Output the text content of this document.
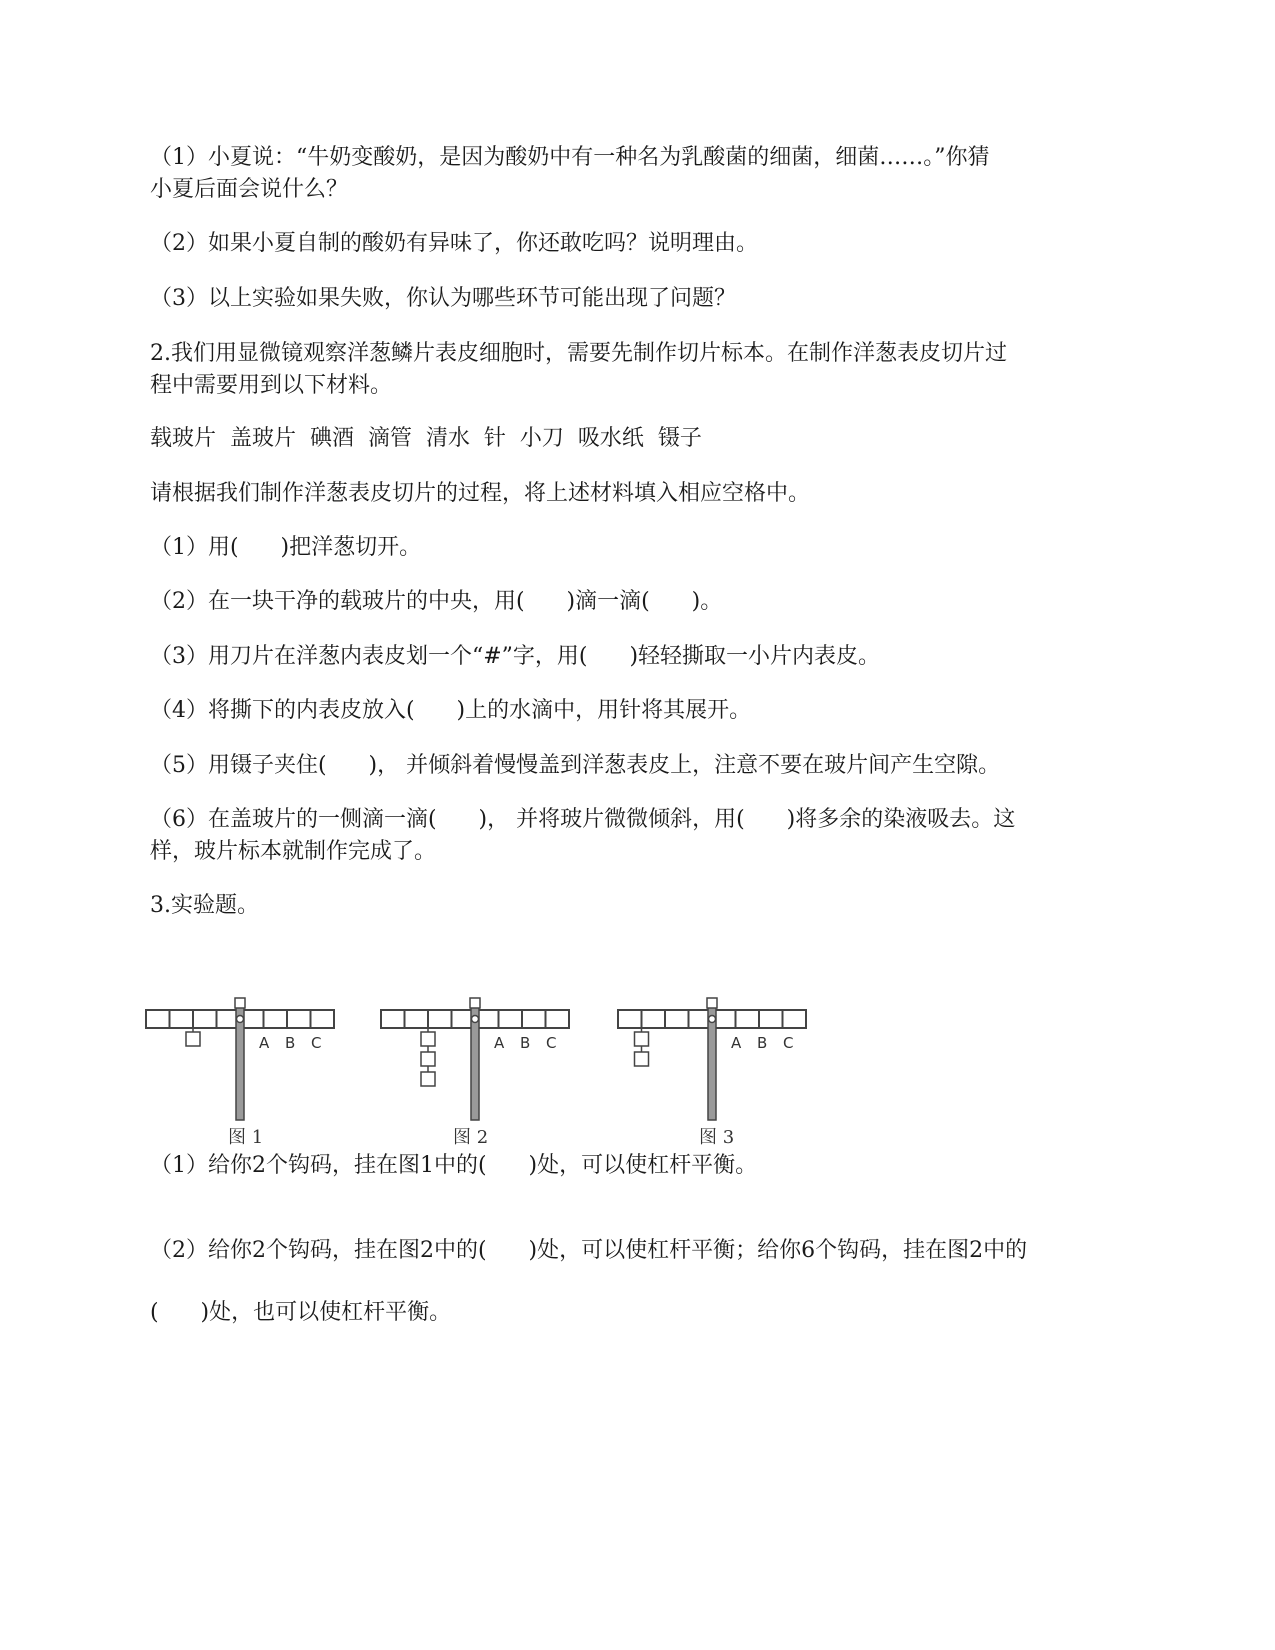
（1）小夏说：“牛奶变酸奶，是因为酸奶中有一种名为乳酸菌的细菌，细菌……。”你猜

小夏后面会说什么？

（2）如果小夏自制的酸奶有异味了，你还敢吃吗？说明理由。

（3）以上实验如果失败，你认为哪些环节可能出现了问题？

2.我们用显微镜观察洋葱鳞片表皮细胞时，需要先制作切片标本。在制作洋葱表皮切片过

程中需要用到以下材料。

载玻片  盖玻片  碘酒  滴管  清水  针  小刀  吸水纸  镊子

请根据我们制作洋葱表皮切片的过程，将上述材料填入相应空格中。

（1）用(      )把洋葱切开。

（2）在一块干净的载玻片的中央，用(      )滴一滴(      )。

（3）用刀片在洋葱内表皮划一个“#”字，用(      )轻轻撕取一小片内表皮。

（4）将撕下的内表皮放入(      )上的水滴中，用针将其展开。

（5）用镊子夹住(      )， 并倾斜着慢慢盖到洋葱表皮上，注意不要在玻片间产生空隙。

（6）在盖玻片的一侧滴一滴(      )， 并将玻片微微倾斜，用(      )将多余的染液吸去。这

样，玻片标本就制作完成了。

3.实验题。

A B C
图 1
A B C
图 2
A B C
图 3

（1）给你2个钩码，挂在图1中的(      )处，可以使杠杆平衡。

（2）给你2个钩码，挂在图2中的(      )处，可以使杠杆平衡；给你6个钩码，挂在图2中的

(      )处，也可以使杠杆平衡。
